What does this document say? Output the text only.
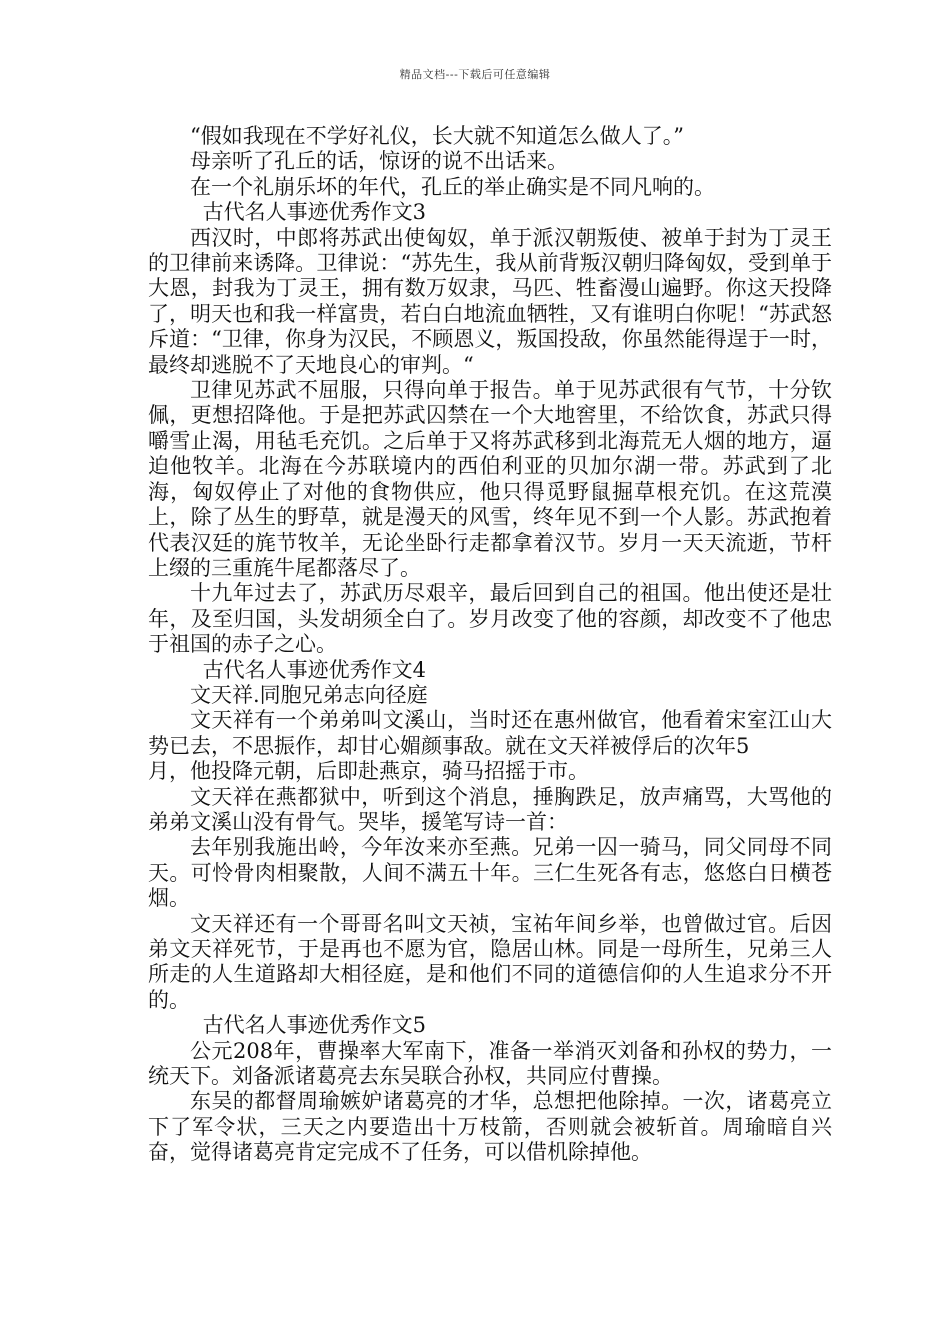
精品文档---下载后可任意编辑

“假如我现在不学好礼仪，长大就不知道怎么做人了。”

母亲听了孔丘的话，惊讶的说不出话来。

在一个礼崩乐坏的年代，孔丘的举止确实是不同凡响的。

古代名人事迹优秀作文3

西汉时，中郎将苏武出使匈奴，单于派汉朝叛使、被单于封为丁灵王的卫律前来诱降。卫律说：“苏先生，我从前背叛汉朝归降匈奴，受到单于大恩，封我为丁灵王，拥有数万奴隶，马匹、牲畜漫山遍野。你这天投降了，明天也和我一样富贵，若白白地流血牺牲，又有谁明白你呢！“苏武怒斥道：“卫律，你身为汉民，不顾恩义，叛国投敌，你虽然能得逞于一时，最终却逃脱不了天地良心的审判。“

卫律见苏武不屈服，只得向单于报告。单于见苏武很有气节，十分钦佩，更想招降他。于是把苏武囚禁在一个大地窖里，不给饮食，苏武只得嚼雪止渴，用毡毛充饥。之后单于又将苏武移到北海荒无人烟的地方，逼迫他牧羊。北海在今苏联境内的西伯利亚的贝加尔湖一带。苏武到了北海，匈奴停止了对他的食物供应，他只得觅野鼠掘草根充饥。在这荒漠上，除了丛生的野草，就是漫天的风雪，终年见不到一个人影。苏武抱着代表汉廷的旄节牧羊，无论坐卧行走都拿着汉节。岁月一天天流逝，节杆上缀的三重旄牛尾都落尽了。

十九年过去了，苏武历尽艰辛，最后回到自己的祖国。他出使还是壮年，及至归国，头发胡须全白了。岁月改变了他的容颜，却改变不了他忠于祖国的赤子之心。

古代名人事迹优秀作文4

文天祥.同胞兄弟志向径庭

文天祥有一个弟弟叫文溪山，当时还在惠州做官，他看着宋室江山大势已去，不思振作，却甘心媚颜事敌。就在文天祥被俘后的次年5

月，他投降元朝，后即赴燕京，骑马招摇于市。

文天祥在燕都狱中，听到这个消息，捶胸跌足，放声痛骂，大骂他的弟弟文溪山没有骨气。哭毕，援笔写诗一首：

去年别我施出岭，今年汝来亦至燕。兄弟一囚一骑马，同父同母不同天。可怜骨肉相聚散，人间不满五十年。三仁生死各有志，悠悠白日横苍烟。

文天祥还有一个哥哥名叫文天祯，宝祐年间乡举，也曾做过官。后因弟文天祥死节，于是再也不愿为官，隐居山林。同是一母所生，兄弟三人所走的人生道路却大相径庭，是和他们不同的道德信仰的人生追求分不开的。

古代名人事迹优秀作文5

公元208年，曹操率大军南下，准备一举消灭刘备和孙权的势力，一统天下。刘备派诸葛亮去东吴联合孙权，共同应付曹操。

东吴的都督周瑜嫉妒诸葛亮的才华，总想把他除掉。一次，诸葛亮立下了军令状，三天之内要造出十万枝箭，否则就会被斩首。周瑜暗自兴奋，觉得诸葛亮肯定完成不了任务，可以借机除掉他。
